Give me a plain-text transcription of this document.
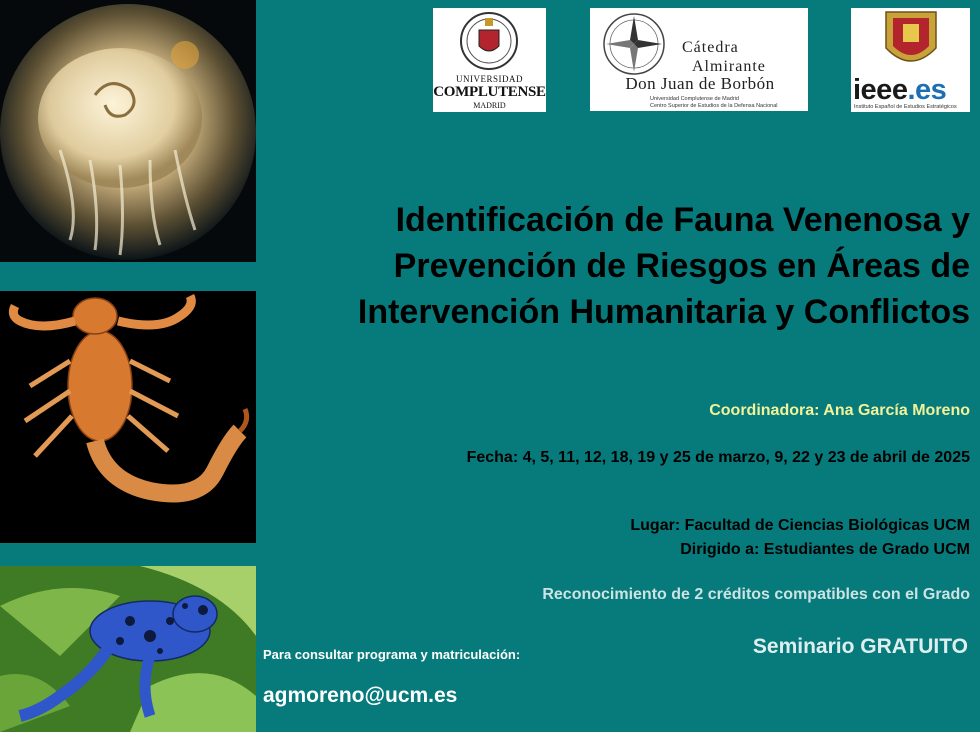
UNIVERSIDAD
COMPLUTENSE
MADRID
Cátedra
Almirante
Don Juan de Borbón
Universidad Complutense de Madrid
Centro Superior de Estudios de la Defensa Nacional	ieee.es
Instituto Español de Estudios Estratégicos
Identificación de Fauna Venenosa y
Prevención de Riesgos en Áreas de
Intervención Humanitaria y Conflictos
Coordinadora: Ana García Moreno
Fecha: 4, 5, 11, 12, 18, 19 y 25 de marzo, 9, 22 y 23 de abril de 2025
Lugar: Facultad de Ciencias Biológicas UCM
Dirigido a: Estudiantes de Grado UCM
Reconocimiento de 2 créditos compatibles con el Grado
Seminario GRATUITO
Para consultar programa y matriculación:
agmoreno@ucm.es
